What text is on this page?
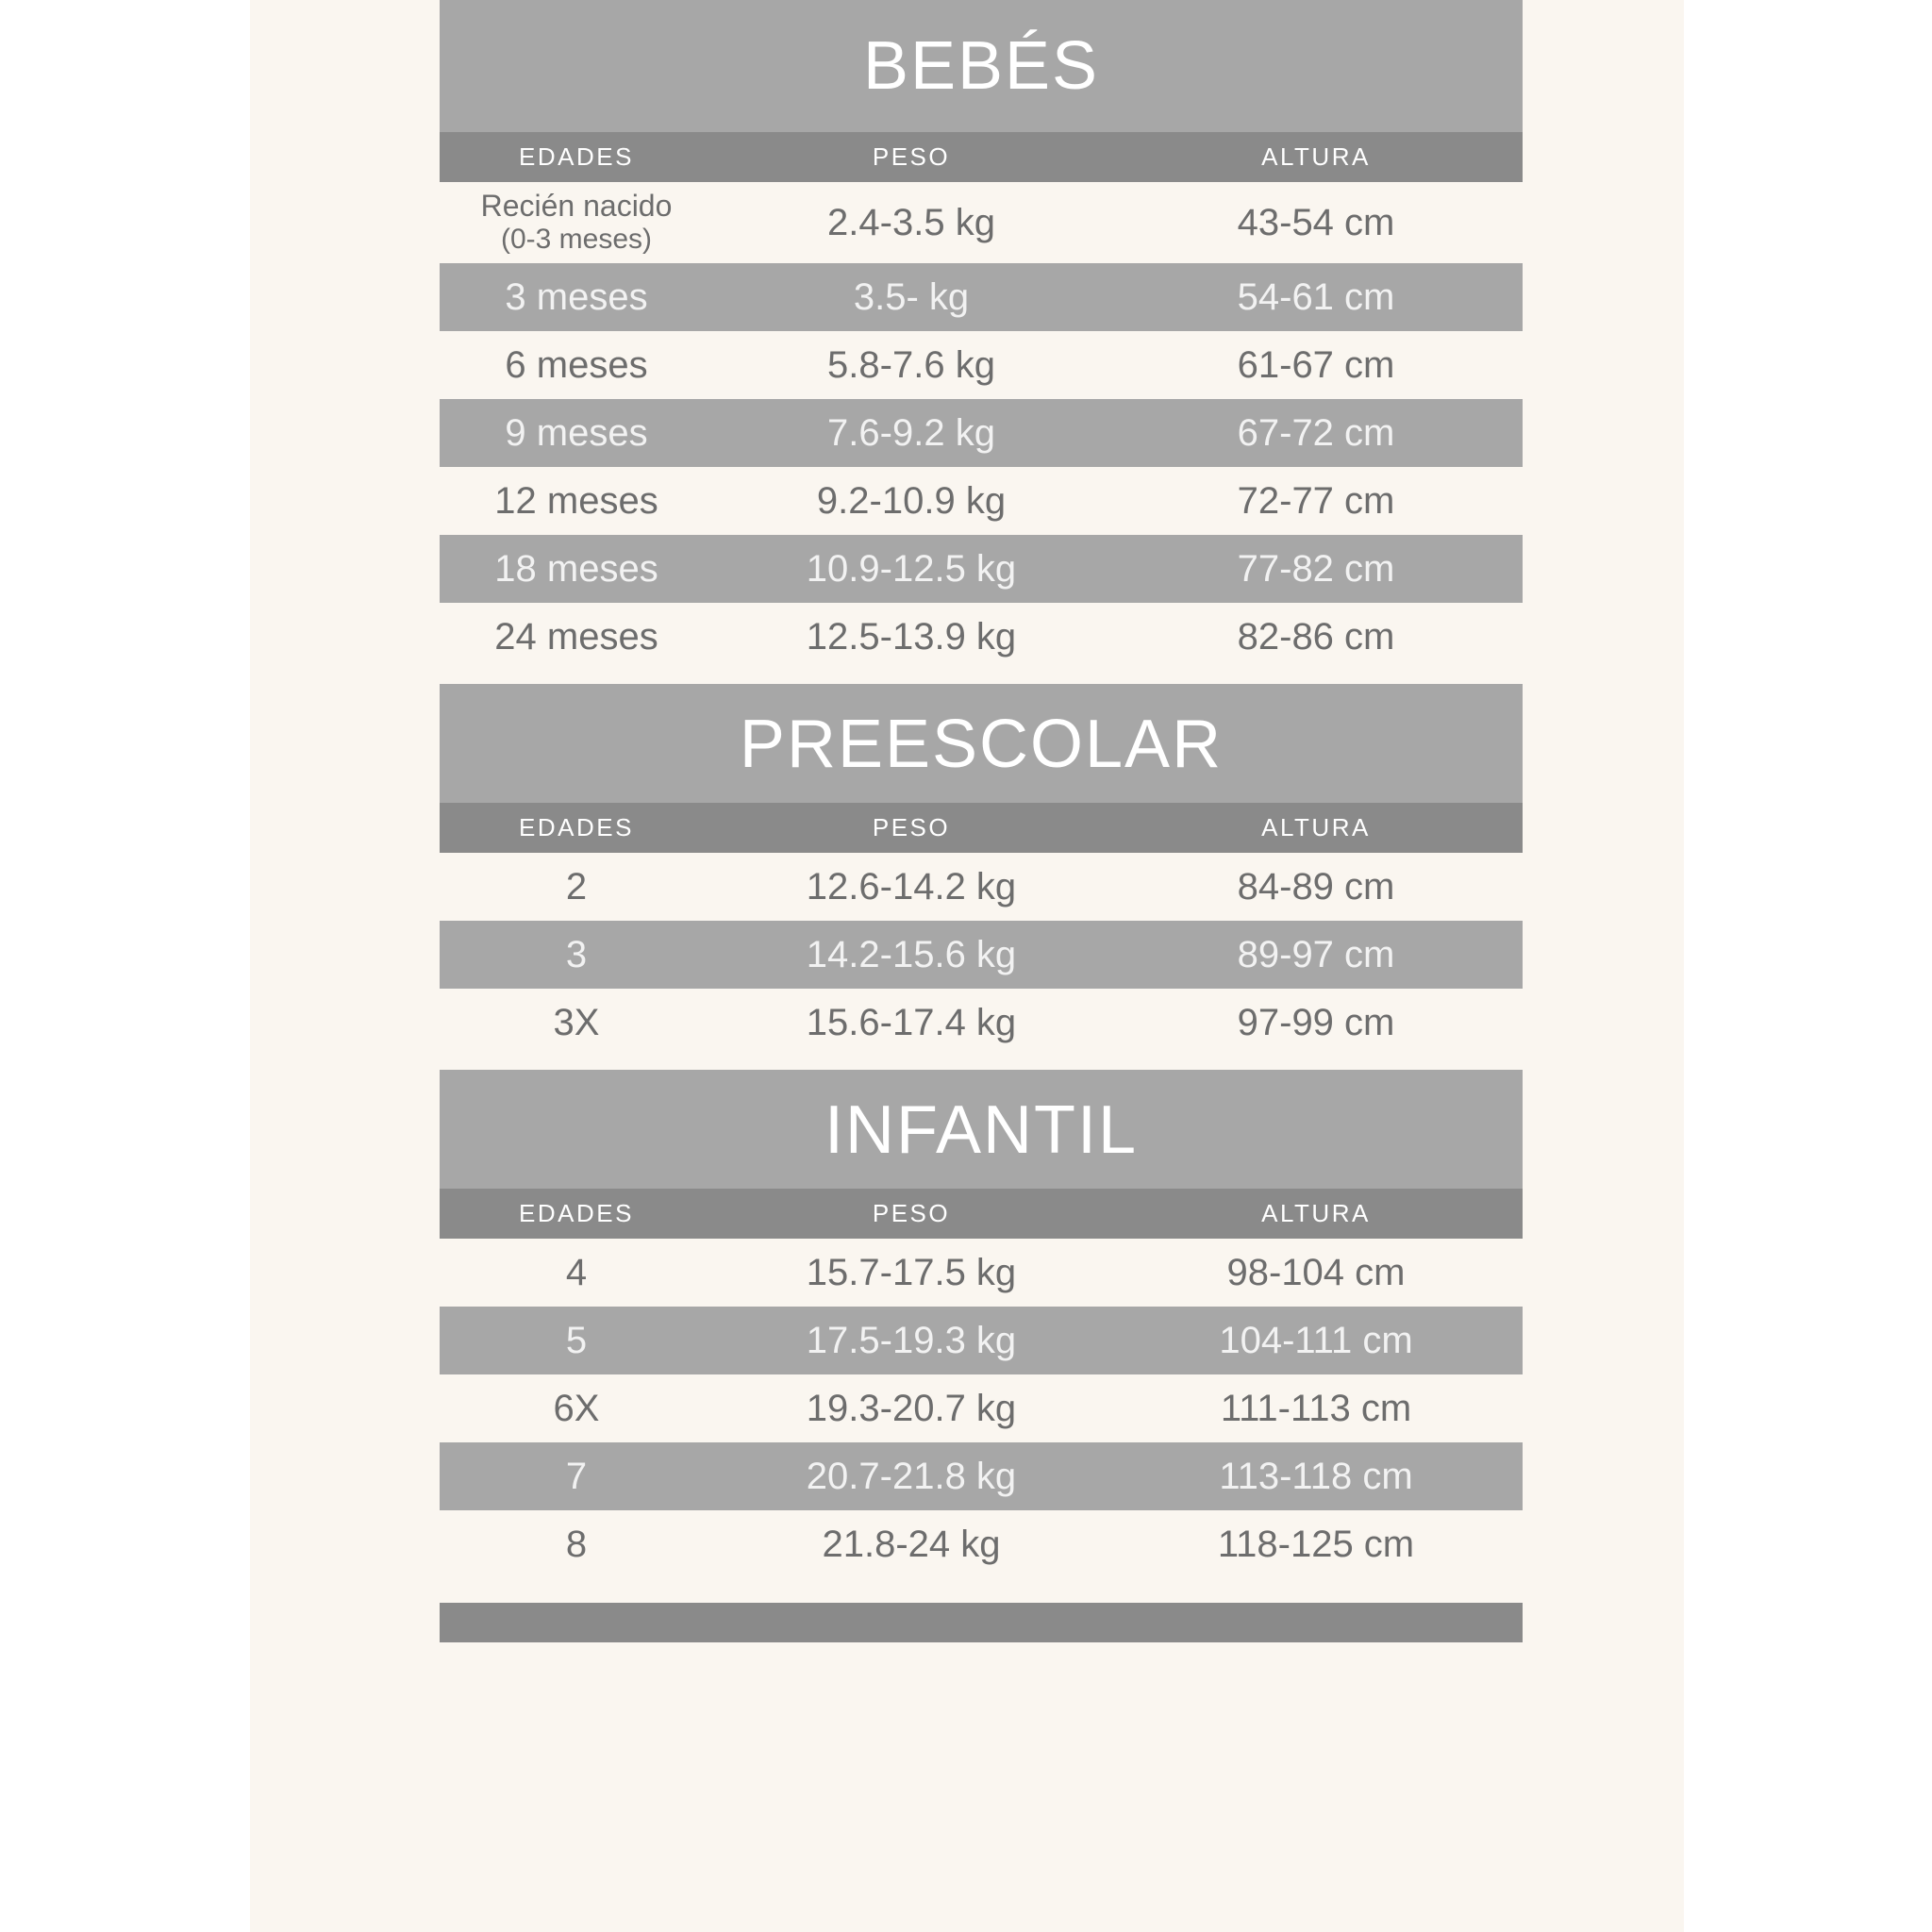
BEBÉS
EDADES	PESO	ALTURA
Recién nacido
(0-3 meses)	2.4-3.5 kg	43-54 cm
3 meses	3.5- kg	54-61 cm
6 meses	5.8-7.6 kg	61-67 cm
9 meses	7.6-9.2 kg	67-72 cm
12 meses	9.2-10.9 kg	72-77 cm
18 meses	10.9-12.5 kg	77-82 cm
24 meses	12.5-13.9 kg	82-86 cm
PREESCOLAR
EDADES	PESO	ALTURA
2	12.6-14.2 kg	84-89 cm
3	14.2-15.6 kg	89-97 cm
3X	15.6-17.4 kg	97-99 cm
INFANTIL
EDADES	PESO	ALTURA
4	15.7-17.5 kg	98-104 cm
5	17.5-19.3 kg	104-111 cm
6X	19.3-20.7 kg	111-113 cm
7	20.7-21.8 kg	113-118 cm
8	21.8-24 kg	118-125 cm
